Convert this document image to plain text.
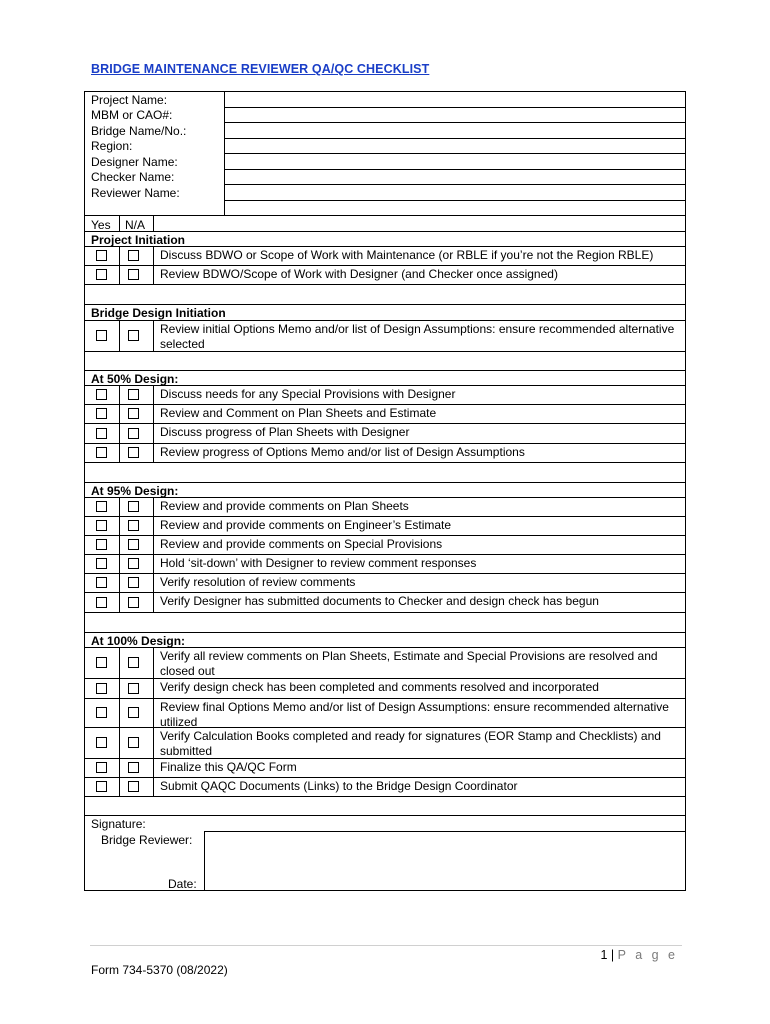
BRIDGE MAINTENANCE REVIEWER QA/QC CHECKLIST
Project Name:
MBM or CAO#:
Bridge Name/No.:
Region:
Designer Name:
Checker Name:
Reviewer Name:
Yes N/A
Project Initiation
Discuss BDWO or Scope of Work with Maintenance (or RBLE if you’re not the Region RBLE)
Review BDWO/Scope of Work with Designer (and Checker once assigned)
Bridge Design Initiation
Review initial Options Memo and/or list of Design Assumptions: ensure recommended alternative selected
At 50% Design:
Discuss needs for any Special Provisions with Designer
Review and Comment on Plan Sheets and Estimate
Discuss progress of Plan Sheets with Designer
Review progress of Options Memo and/or list of Design Assumptions
At 95% Design:
Review and provide comments on Plan Sheets
Review and provide comments on Engineer’s Estimate
Review and provide comments on Special Provisions
Hold ‘sit-down’ with Designer to review comment responses
Verify resolution of review comments
Verify Designer has submitted documents to Checker and design check has begun
At 100% Design:
Verify all review comments on Plan Sheets, Estimate and Special Provisions are resolved and closed out
Verify design check has been completed and comments resolved and incorporated
Review final Options Memo and/or list of Design Assumptions: ensure recommended alternative utilized
Verify Calculation Books completed and ready for signatures (EOR Stamp and Checklists) and submitted
Finalize this QA/QC Form
Submit QAQC Documents (Links) to the Bridge Design Coordinator
Signature:
Bridge Reviewer:
Date:
1 | P a g e
Form 734-5370 (08/2022)
